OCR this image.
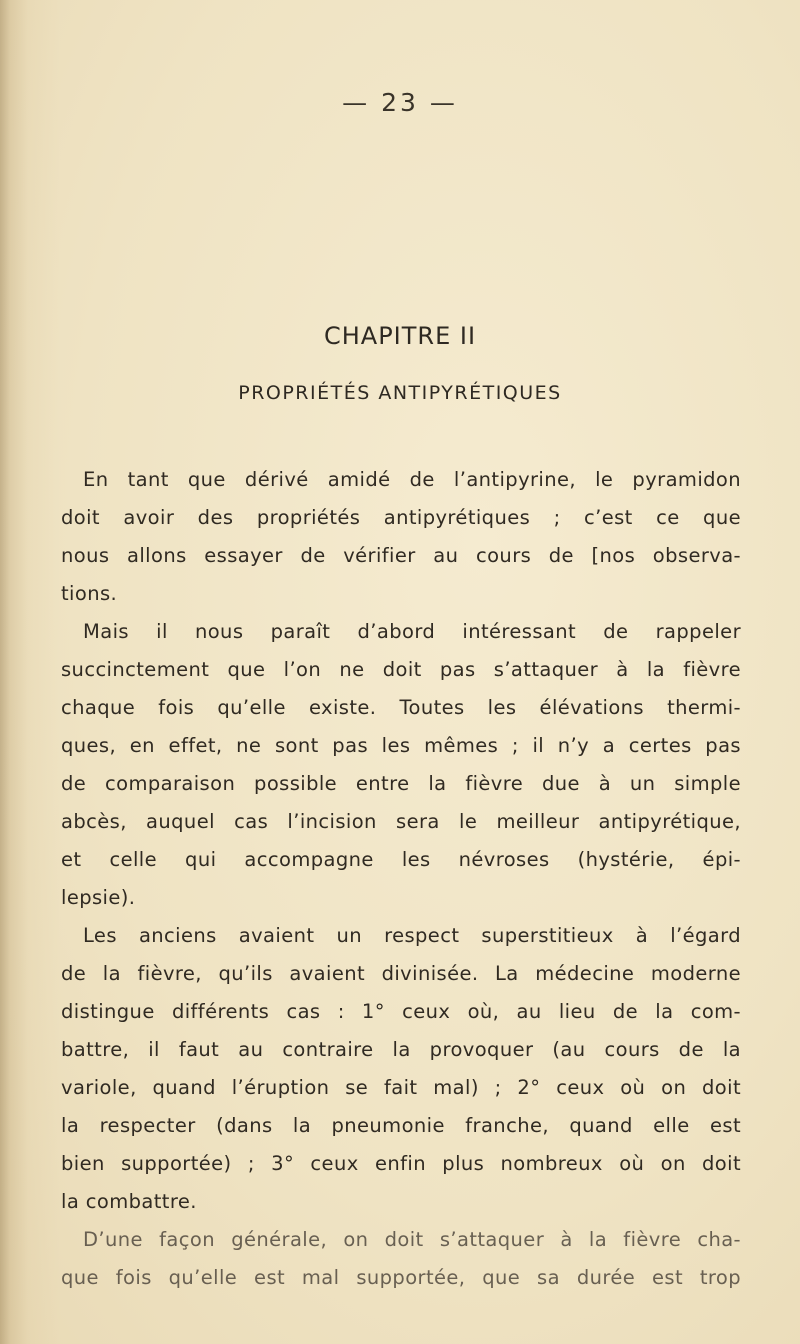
— 23 —
CHAPITRE II
PROPRIÉTÉS ANTIPYRÉTIQUES
En tant que dérivé amidé de l’antipyrine, le pyramidon
doit avoir des propriétés antipyrétiques ; c’est ce que
nous allons essayer de vérifier au cours de [nos observa-
tions.
Mais il nous paraît d’abord intéressant de rappeler
succinctement que l’on ne doit pas s’attaquer à la fièvre
chaque fois qu’elle existe. Toutes les élévations thermi-
ques, en effet, ne sont pas les mêmes ; il n’y a certes pas
de comparaison possible entre la fièvre due à un simple
abcès, auquel cas l’incision sera le meilleur antipyrétique,
et celle qui accompagne les névroses (hystérie, épi-
lepsie).
Les anciens avaient un respect superstitieux à l’égard
de la fièvre, qu’ils avaient divinisée. La médecine moderne
distingue différents cas : 1° ceux où, au lieu de la com-
battre, il faut au contraire la provoquer (au cours de la
variole, quand l’éruption se fait mal) ; 2° ceux où on doit
la respecter (dans la pneumonie franche, quand elle est
bien supportée) ; 3° ceux enfin plus nombreux où on doit
la combattre.
D’une façon générale, on doit s’attaquer à la fièvre cha-
que fois qu’elle est mal supportée, que sa durée est trop
